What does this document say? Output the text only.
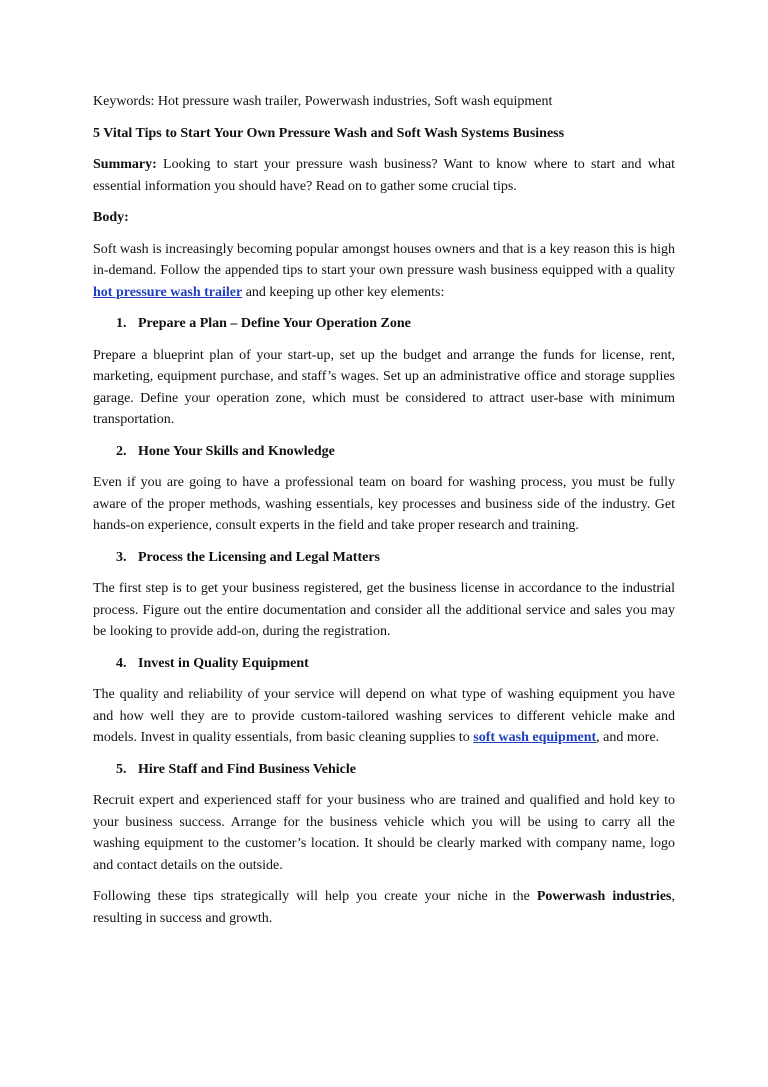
Keywords: Hot pressure wash trailer, Powerwash industries, Soft wash equipment

5 Vital Tips to Start Your Own Pressure Wash and Soft Wash Systems Business

Summary: Looking to start your pressure wash business? Want to know where to start and what essential information you should have? Read on to gather some crucial tips.

Body:

Soft wash is increasingly becoming popular amongst houses owners and that is a key reason this is high in-demand. Follow the appended tips to start your own pressure wash business equipped with a quality hot pressure wash trailer and keeping up other key elements:

1. Prepare a Plan – Define Your Operation Zone

Prepare a blueprint plan of your start-up, set up the budget and arrange the funds for license, rent, marketing, equipment purchase, and staff’s wages. Set up an administrative office and storage supplies garage. Define your operation zone, which must be considered to attract user-base with minimum transportation.

2. Hone Your Skills and Knowledge

Even if you are going to have a professional team on board for washing process, you must be fully aware of the proper methods, washing essentials, key processes and business side of the industry. Get hands-on experience, consult experts in the field and take proper research and training.

3. Process the Licensing and Legal Matters

The first step is to get your business registered, get the business license in accordance to the industrial process. Figure out the entire documentation and consider all the additional service and sales you may be looking to provide add-on, during the registration.

4. Invest in Quality Equipment

The quality and reliability of your service will depend on what type of washing equipment you have and how well they are to provide custom-tailored washing services to different vehicle make and models. Invest in quality essentials, from basic cleaning supplies to soft wash equipment, and more.

5. Hire Staff and Find Business Vehicle

Recruit expert and experienced staff for your business who are trained and qualified and hold key to your business success. Arrange for the business vehicle which you will be using to carry all the washing equipment to the customer’s location. It should be clearly marked with company name, logo and contact details on the outside.

Following these tips strategically will help you create your niche in the Powerwash industries, resulting in success and growth.
